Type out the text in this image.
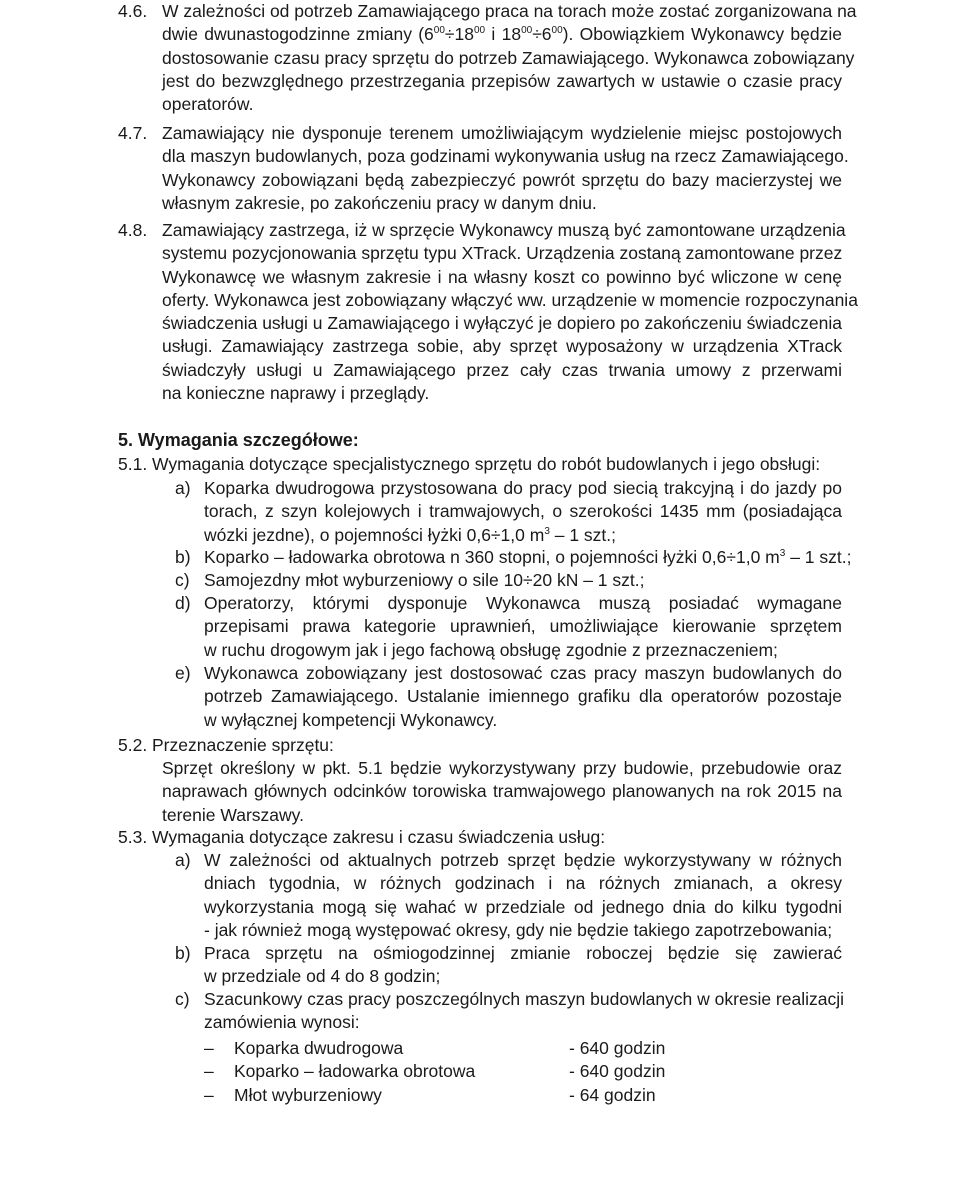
4.6. W zależności od potrzeb Zamawiającego praca na torach może zostać zorganizowana na
dwie dwunastogodzinne zmiany ($6^{00}\div 18^{00}$ i $18^{00}\div 6^{00}$). Obowiązkiem Wykonawcy będzie
dostosowanie czasu pracy sprzętu do potrzeb Zamawiającego. Wykonawca zobowiązany
jest do bezwzględnego przestrzegania przepisów zawartych w ustawie o czasie pracy
operatorów.
4.7. Zamawiający nie dysponuje terenem umożliwiającym wydzielenie miejsc postojowych
dla maszyn budowlanych, poza godzinami wykonywania usług na rzecz Zamawiającego.
Wykonawcy zobowiązani będą zabezpieczyć powrót sprzętu do bazy macierzystej we
własnym zakresie, po zakończeniu pracy w danym dniu.
4.8. Zamawiający zastrzega, iż w sprzęcie Wykonawcy muszą być zamontowane urządzenia
systemu pozycjonowania sprzętu typu XTrack. Urządzenia zostaną zamontowane przez
Wykonawcę we własnym zakresie i na własny koszt co powinno być wliczone w cenę
oferty. Wykonawca jest zobowiązany włączyć ww. urządzenie w momencie rozpoczynania
świadczenia usługi u Zamawiającego i wyłączyć je dopiero po zakończeniu świadczenia
usługi. Zamawiający zastrzega sobie, aby sprzęt wyposażony w urządzenia XTrack
świadczyły usługi u Zamawiającego przez cały czas trwania umowy z przerwami
na konieczne naprawy i przeglądy.
5. Wymagania szczegółowe:
5.1. Wymagania dotyczące specjalistycznego sprzętu do robót budowlanych i jego obsługi:
a) Koparka dwudrogowa przystosowana do pracy pod siecią trakcyjną i do jazdy po
torach, z szyn kolejowych i tramwajowych, o szerokości 1435 mm (posiadająca
wózki jezdne), o pojemności łyżki 0,6÷1,0 $m^3 - 1$ szt.;
b) Koparko – ładowarka obrotowa n 360 stopni, o pojemności łyżki 0,6÷1,0 $m^3 - 1$ szt.;
c) Samojezdny młot wyburzeniowy o sile 10÷20 kN – 1 szt.;
d) Operatorzy, którymi dysponuje Wykonawca muszą posiadać wymagane
przepisami prawa kategorie uprawnień, umożliwiające kierowanie sprzętem
w ruchu drogowym jak i jego fachową obsługę zgodnie z przeznaczeniem;
e) Wykonawca zobowiązany jest dostosować czas pracy maszyn budowlanych do
potrzeb Zamawiającego. Ustalanie imiennego grafiku dla operatorów pozostaje
w wyłącznej kompetencji Wykonawcy.
5.2. Przeznaczenie sprzętu:
Sprzęt określony w pkt. 5.1 będzie wykorzystywany przy budowie, przebudowie oraz
naprawach głównych odcinków torowiska tramwajowego planowanych na rok 2015 na
terenie Warszawy.
5.3. Wymagania dotyczące zakresu i czasu świadczenia usług:
a) W zależności od aktualnych potrzeb sprzęt będzie wykorzystywany w różnych
dniach tygodnia, w różnych godzinach i na różnych zmianach, a okresy
wykorzystania mogą się wahać w przedziale od jednego dnia do kilku tygodni
- jak również mogą występować okresy, gdy nie będzie takiego zapotrzebowania;
b) Praca sprzętu na ośmiogodzinnej zmianie roboczej będzie się zawierać
w przedziale od 4 do 8 godzin;
c) Szacunkowy czas pracy poszczególnych maszyn budowlanych w okresie realizacji
zamówienia wynosi:
– Koparka dwudrogowa	- 640 godzin
– Koparko – ładowarka obrotowa	- 640 godzin
– Młot wyburzeniowy	- 64 godzin
